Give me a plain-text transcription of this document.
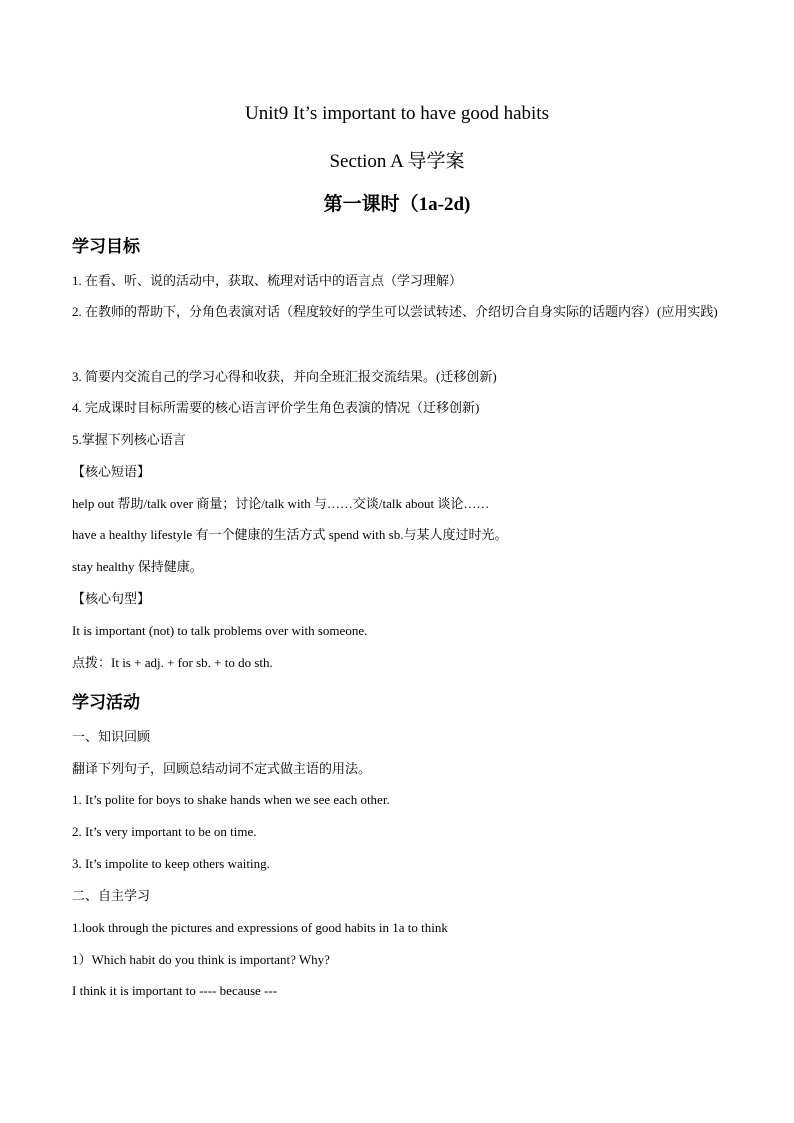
Unit9 It’s important to have good habits
Section A 导学案
第一课时（1a-2d)
学习目标
1. 在看、听、说的活动中，获取、梳理对话中的语言点（学习理解）
2. 在教师的帮助下，分角色表演对话（程度较好的学生可以尝试转述、介绍切合自身实际的话题内容）(应用实践)
3. 简要内交流自己的学习心得和收获，并向全班汇报交流结果。(迁移创新)
4. 完成课时目标所需要的核心语言评价学生角色表演的情况（迁移创新)
5.掌握下列核心语言
【核心短语】
help out 帮助/talk over 商量；讨论/talk with 与……交谈/talk about 谈论……
have a healthy lifestyle 有一个健康的生活方式 spend with sb.与某人度过时光。
stay healthy 保持健康。
【核心句型】
It is important (not) to talk problems over with someone.
点拨：It is + adj. + for sb. + to do sth.
学习活动
一、知识回顾
翻译下列句子，回顾总结动词不定式做主语的用法。
1. It’s polite for boys to shake hands when we see each other.
2. It’s very important to be on time.
3. It’s impolite to keep others waiting.
二、自主学习
1.look through the pictures and expressions of good habits in 1a to think
1）Which habit do you think is important? Why?
I think it is important to ---- because ---
